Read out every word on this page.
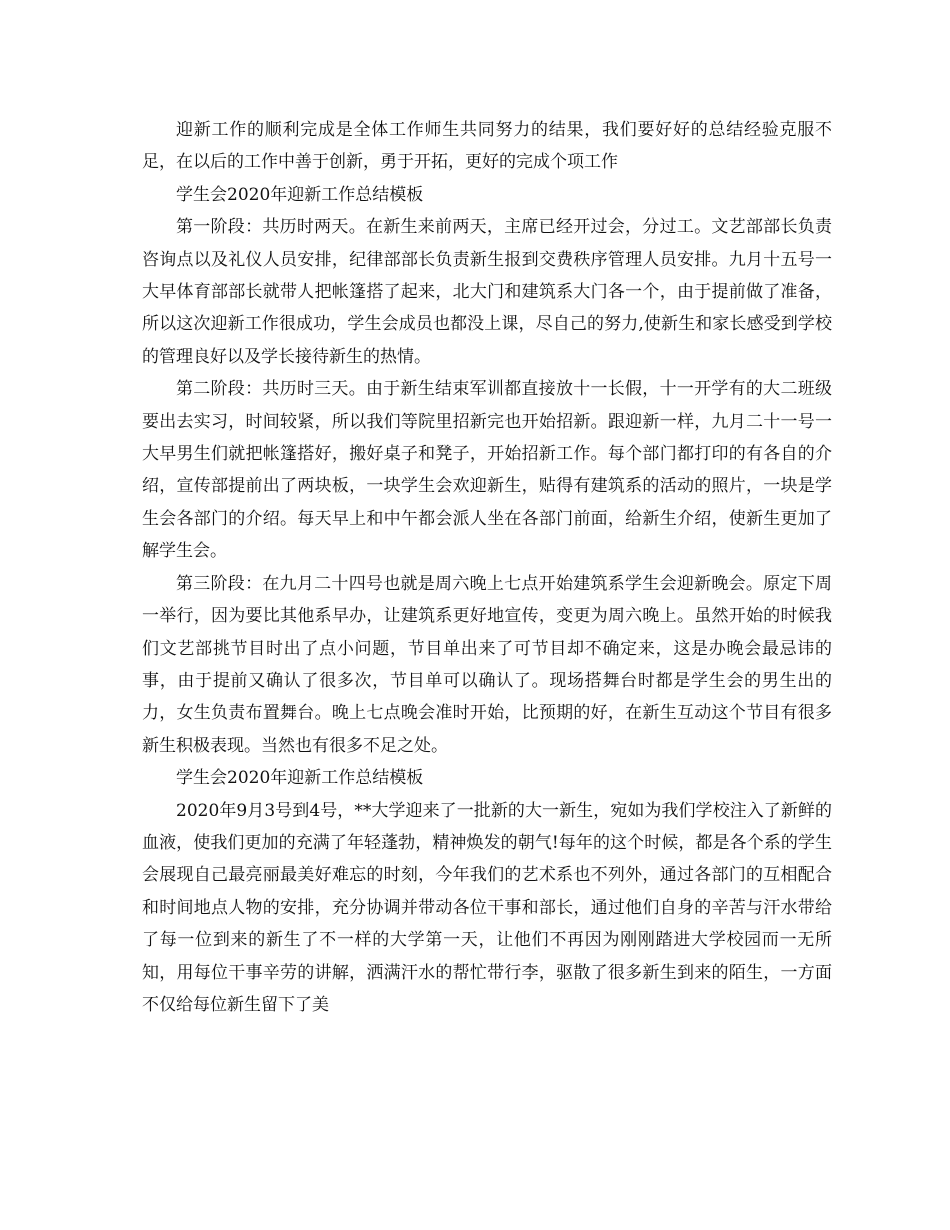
迎新工作的顺利完成是全体工作师生共同努力的结果，我们要好好的总结经验克服不足，在以后的工作中善于创新，勇于开拓，更好的完成个项工作

学生会2020年迎新工作总结模板

第一阶段：共历时两天。在新生来前两天，主席已经开过会，分过工。文艺部部长负责咨询点以及礼仪人员安排，纪律部部长负责新生报到交费秩序管理人员安排。九月十五号一大早体育部部长就带人把帐篷搭了起来，北大门和建筑系大门各一个，由于提前做了准备，所以这次迎新工作很成功，学生会成员也都没上课，尽自己的努力,使新生和家长感受到学校的管理良好以及学长接待新生的热情。

第二阶段：共历时三天。由于新生结束军训都直接放十一长假，十一开学有的大二班级要出去实习，时间较紧，所以我们等院里招新完也开始招新。跟迎新一样，九月二十一号一大早男生们就把帐篷搭好，搬好桌子和凳子，开始招新工作。每个部门都打印的有各自的介绍，宣传部提前出了两块板，一块学生会欢迎新生，贴得有建筑系的活动的照片，一块是学生会各部门的介绍。每天早上和中午都会派人坐在各部门前面，给新生介绍，使新生更加了解学生会。

第三阶段：在九月二十四号也就是周六晚上七点开始建筑系学生会迎新晚会。原定下周一举行，因为要比其他系早办，让建筑系更好地宣传，变更为周六晚上。虽然开始的时候我们文艺部挑节目时出了点小问题，节目单出来了可节目却不确定来，这是办晚会最忌讳的事，由于提前又确认了很多次，节目单可以确认了。现场搭舞台时都是学生会的男生出的力，女生负责布置舞台。晚上七点晚会准时开始，比预期的好，在新生互动这个节目有很多新生积极表现。当然也有很多不足之处。

学生会2020年迎新工作总结模板

2020年9月3号到4号，**大学迎来了一批新的大一新生，宛如为我们学校注入了新鲜的血液，使我们更加的充满了年轻蓬勃，精神焕发的朝气!每年的这个时候，都是各个系的学生会展现自己最亮丽最美好难忘的时刻，今年我们的艺术系也不列外，通过各部门的互相配合和时间地点人物的安排，充分协调并带动各位干事和部长，通过他们自身的辛苦与汗水带给了每一位到来的新生了不一样的大学第一天，让他们不再因为刚刚踏进大学校园而一无所知，用每位干事辛劳的讲解，洒满汗水的帮忙带行李，驱散了很多新生到来的陌生，一方面不仅给每位新生留下了美
